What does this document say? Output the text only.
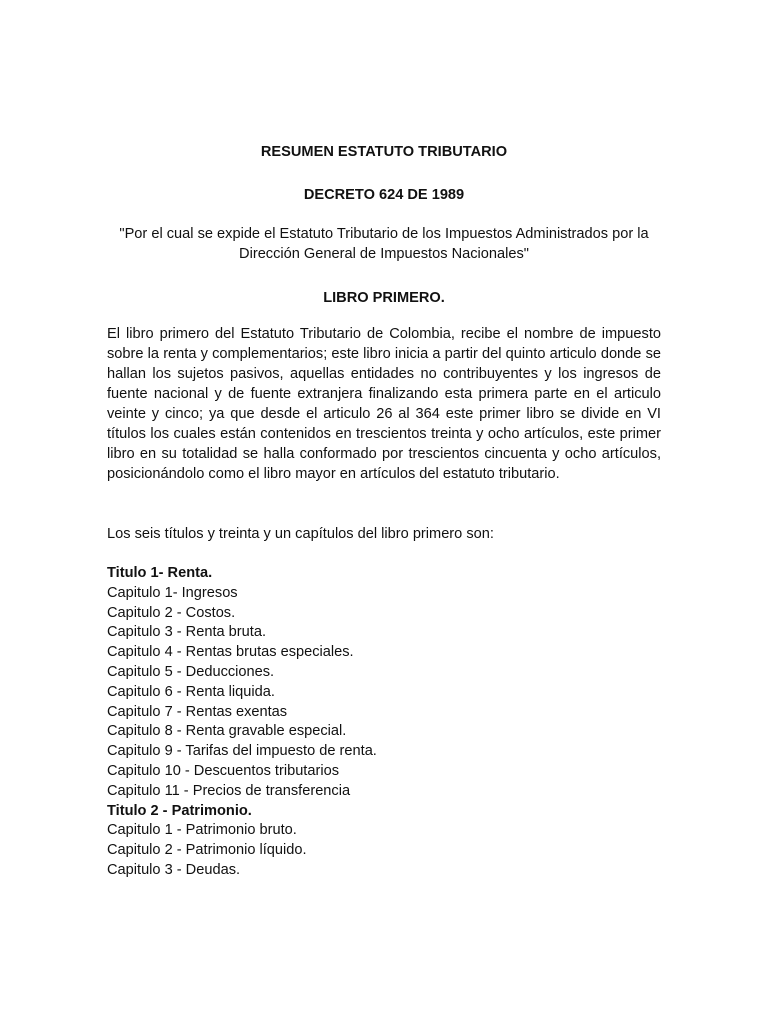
RESUMEN ESTATUTO TRIBUTARIO

DECRETO 624 DE 1989

"Por el cual se expide el Estatuto Tributario de los Impuestos Administrados por la Dirección General de Impuestos Nacionales"

LIBRO PRIMERO.

El libro primero del Estatuto Tributario de Colombia, recibe el nombre de impuesto sobre la renta y complementarios; este libro inicia a partir del quinto articulo donde se hallan los sujetos pasivos, aquellas entidades no contribuyentes y los ingresos de fuente nacional y de fuente extranjera finalizando esta primera parte en el articulo veinte y cinco; ya que desde el articulo 26 al 364 este primer libro se divide en VI títulos los cuales están contenidos en trescientos treinta y ocho artículos, este primer libro en su totalidad se halla conformado por trescientos cincuenta y ocho artículos, posicionándolo como el libro mayor en artículos del estatuto tributario.

Los seis títulos y treinta y un capítulos del libro primero son:

Titulo 1- Renta.
Capitulo 1- Ingresos
Capitulo 2 - Costos.
Capitulo 3 - Renta bruta.
Capitulo 4 - Rentas brutas especiales.
Capitulo 5 - Deducciones.
Capitulo 6 - Renta liquida.
Capitulo 7 - Rentas exentas
Capitulo 8 - Renta gravable especial.
Capitulo 9 - Tarifas del impuesto de renta.
Capitulo 10 - Descuentos tributarios
Capitulo 11 - Precios de transferencia
Titulo 2 - Patrimonio.
Capitulo 1 - Patrimonio bruto.
Capitulo 2 - Patrimonio líquido.
Capitulo 3 - Deudas.
